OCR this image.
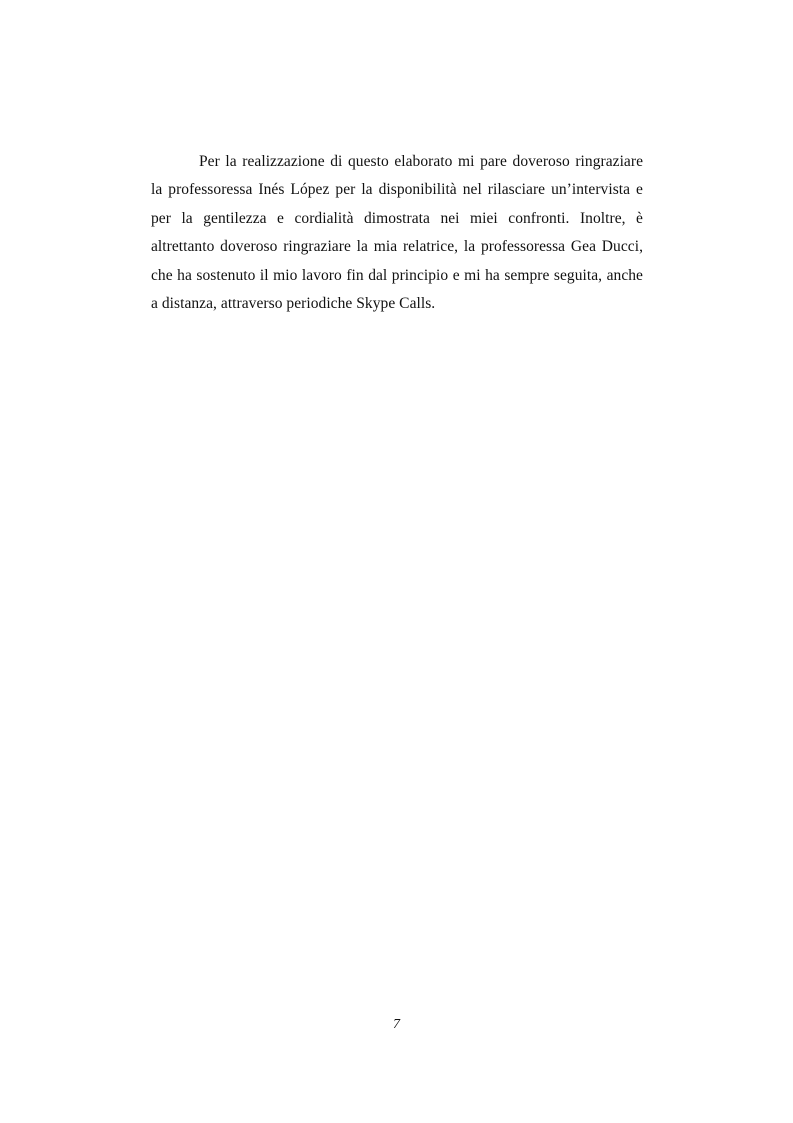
Per la realizzazione di questo elaborato mi pare doveroso ringraziare la professoressa Inés López per la disponibilità nel rilasciare un’intervista e per la gentilezza e cordialità dimostrata nei miei confronti. Inoltre, è altrettanto doveroso ringraziare la mia relatrice, la professoressa Gea Ducci, che ha sostenuto il mio lavoro fin dal principio e mi ha sempre seguita, anche a distanza, attraverso periodiche Skype Calls.

7
